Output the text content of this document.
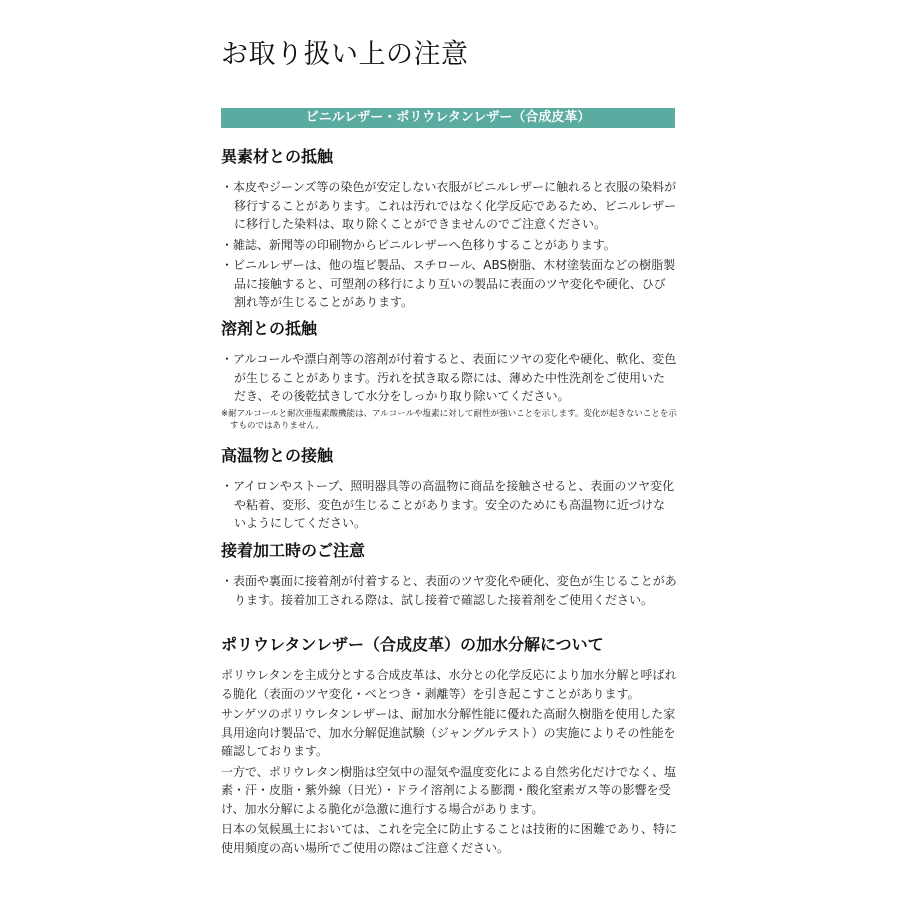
お取り扱い上の注意
ビニルレザー・ポリウレタンレザー（合成皮革）
異素材との抵触

・本皮やジーンズ等の染色が安定しない衣服がビニルレザーに触れると衣服の染料が移行することがあります。これは汚れではなく化学反応であるため、ビニルレザーに移行した染料は、取り除くことができませんのでご注意ください。

・雑誌、新聞等の印刷物からビニルレザーへ色移りすることがあります。

・ビニルレザーは、他の塩ビ製品、スチロール、ABS樹脂、木材塗装面などの樹脂製品に接触すると、可塑剤の移行により互いの製品に表面のツヤ変化や硬化、ひび割れ等が生じることがあります。

溶剤との抵触

・アルコールや漂白剤等の溶剤が付着すると、表面にツヤの変化や硬化、軟化、変色が生じることがあります。汚れを拭き取る際には、薄めた中性洗剤をご使用いただき、その後乾拭きして水分をしっかり取り除いてください。

※耐アルコールと耐次亜塩素酸機能は、アルコールや塩素に対して耐性が強いことを示します。変化が起きないことを示すものではありません。

高温物との接触

・アイロンやストーブ、照明器具等の高温物に商品を接触させると、表面のツヤ変化や粘着、変形、変色が生じることがあります。安全のためにも高温物に近づけないようにしてください。

接着加工時のご注意

・表面や裏面に接着剤が付着すると、表面のツヤ変化や硬化、変色が生じることがあります。接着加工される際は、試し接着で確認した接着剤をご使用ください。

ポリウレタンレザー（合成皮革）の加水分解について

ポリウレタンを主成分とする合成皮革は、水分との化学反応により加水分解と呼ばれる脆化（表面のツヤ変化・べとつき・剥離等）を引き起こすことがあります。

サンゲツのポリウレタンレザーは、耐加水分解性能に優れた高耐久樹脂を使用した家具用途向け製品で、加水分解促進試験（ジャングルテスト）の実施によりその性能を確認しております。

一方で、ポリウレタン樹脂は空気中の湿気や温度変化による自然劣化だけでなく、塩素・汗・皮脂・紫外線（日光）・ドライ溶剤による膨潤・酸化窒素ガス等の影響を受け、加水分解による脆化が急激に進行する場合があります。

日本の気候風土においては、これを完全に防止することは技術的に困難であり、特に使用頻度の高い場所でご使用の際はご注意ください。
